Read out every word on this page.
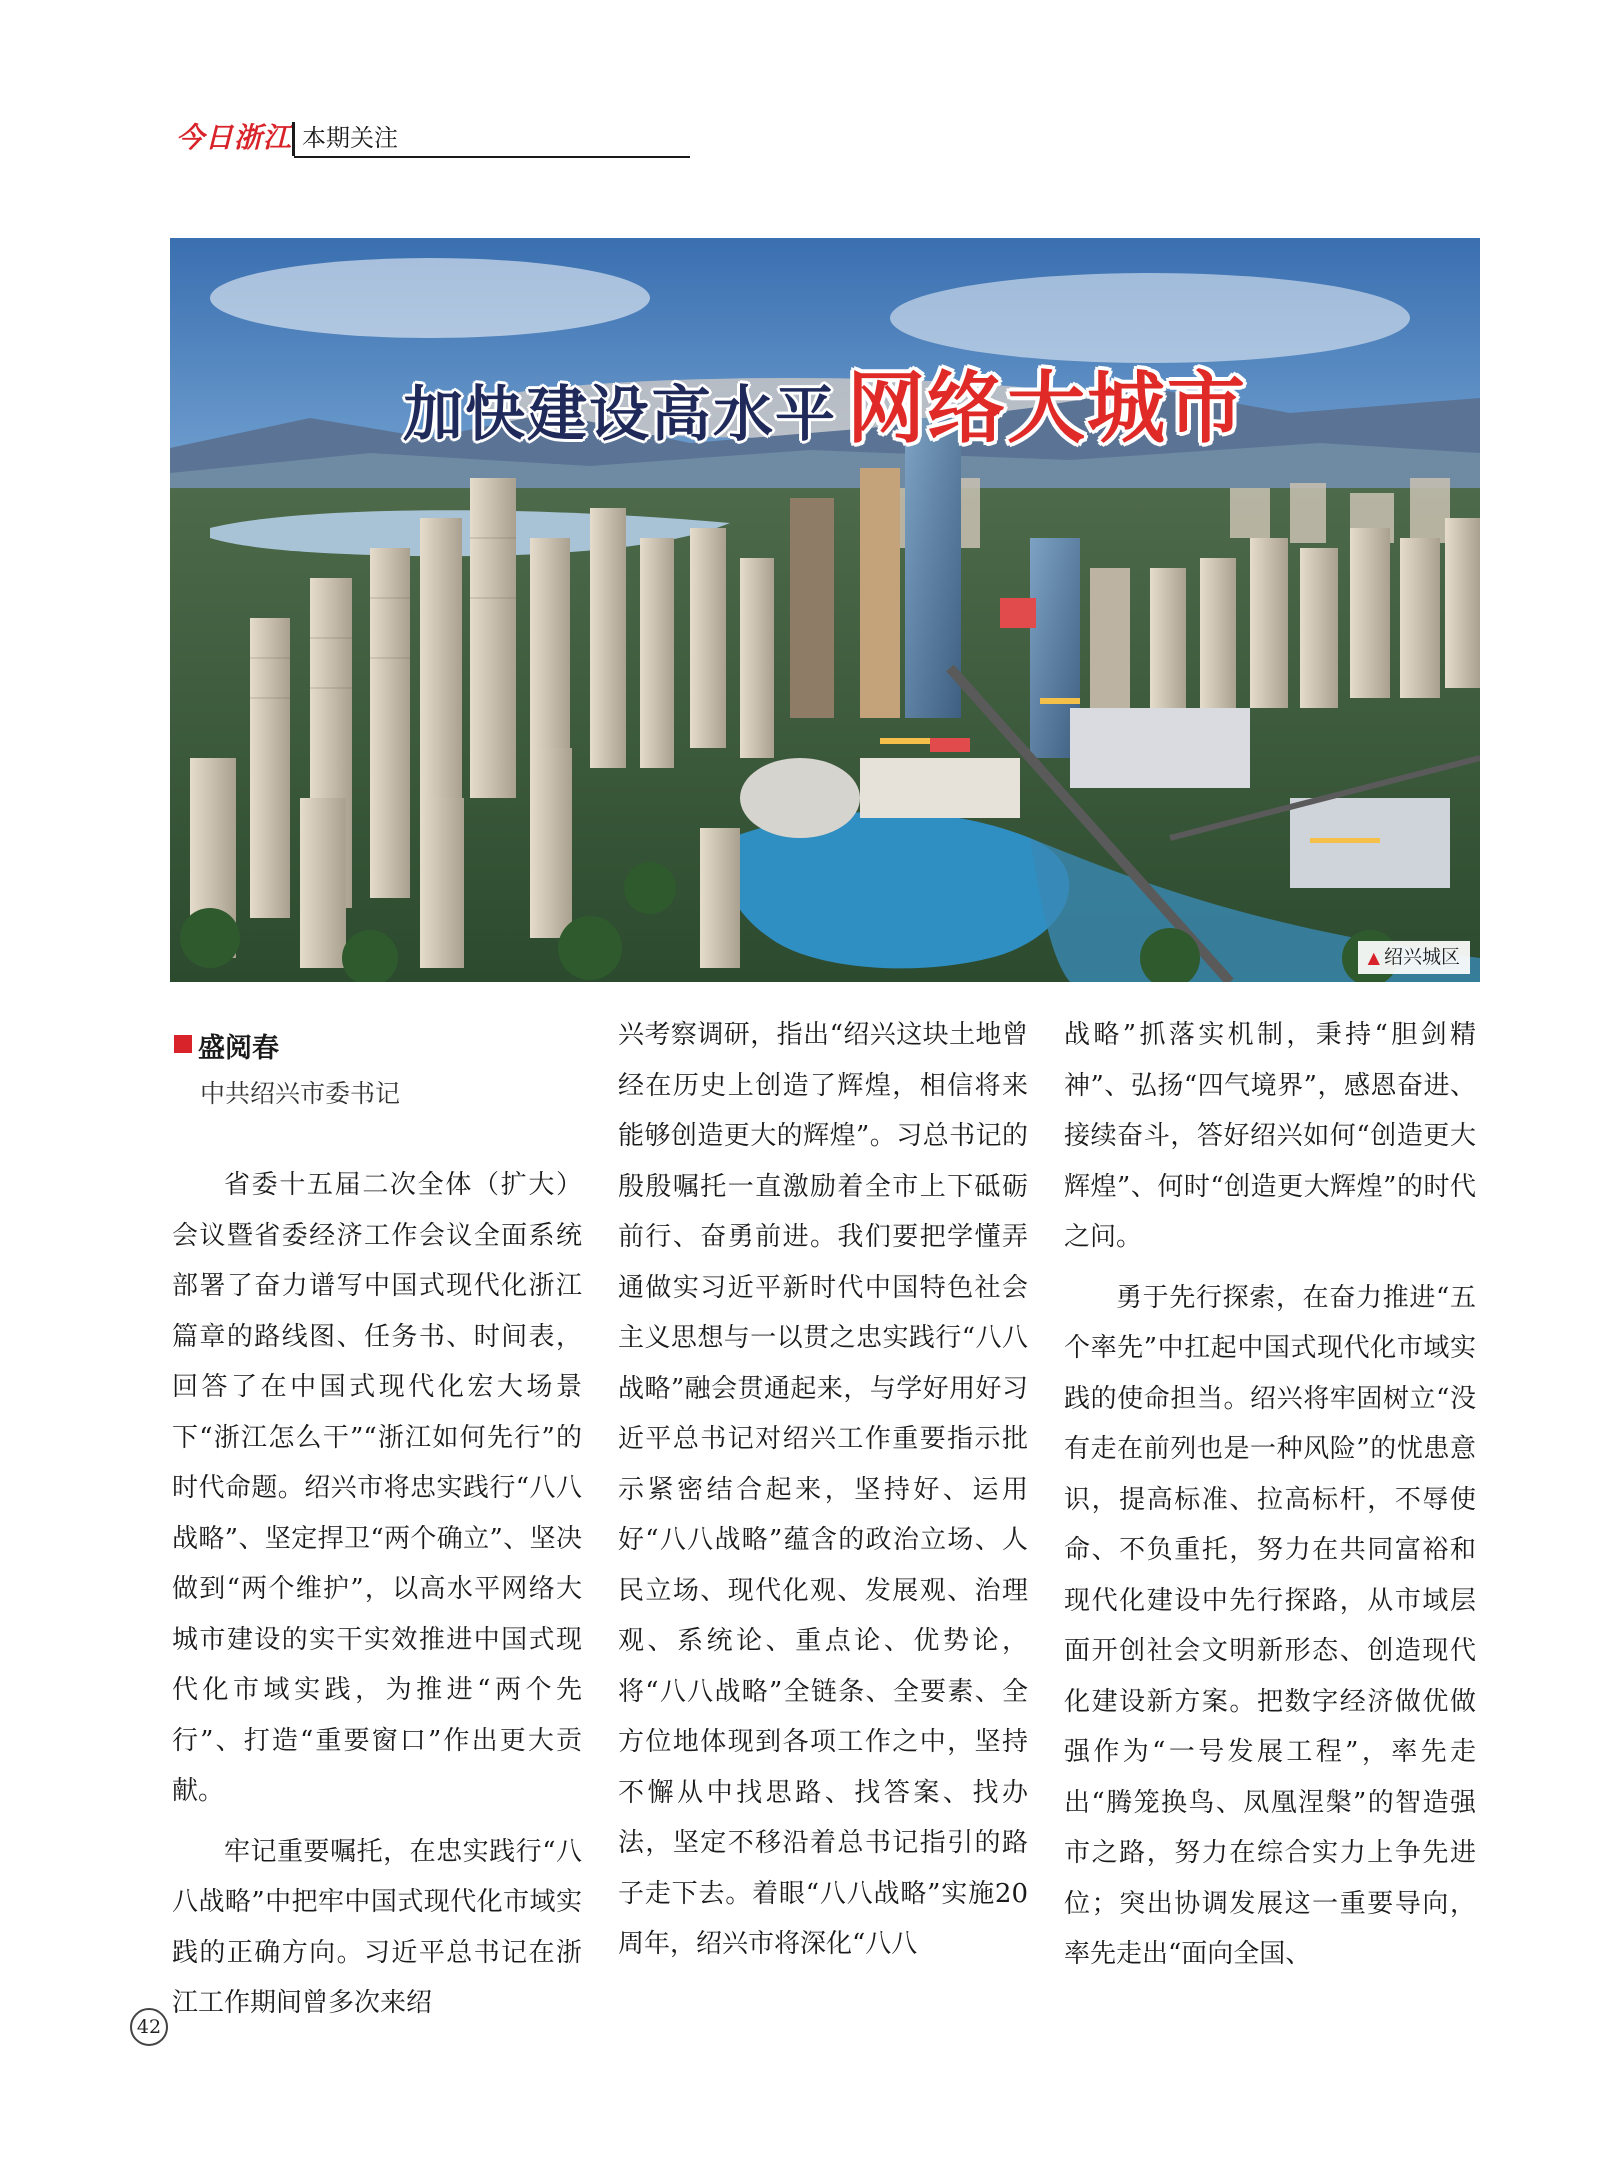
今日浙江 本期关注
加快建设高水平 网络大城市
▲ 绍兴城区
盛阅春
中共绍兴市委书记

省委十五届二次全体（扩大）会议暨省委经济工作会议全面系统部署了奋力谱写中国式现代化浙江篇章的路线图、任务书、时间表，回答了在中国式现代化宏大场景下“浙江怎么干”“浙江如何先行”的时代命题。绍兴市将忠实践行“八八战略”、坚定捍卫“两个确立”、坚决做到“两个维护”，以高水平网络大城市建设的实干实效推进中国式现代化市域实践，为推进“两个先行”、打造“重要窗口”作出更大贡献。

牢记重要嘱托，在忠实践行“八八战略”中把牢中国式现代化市域实践的正确方向。习近平总书记在浙江工作期间曾多次来绍

兴考察调研，指出“绍兴这块土地曾经在历史上创造了辉煌，相信将来能够创造更大的辉煌”。习总书记的殷殷嘱托一直激励着全市上下砥砺前行、奋勇前进。我们要把学懂弄通做实习近平新时代中国特色社会主义思想与一以贯之忠实践行“八八战略”融会贯通起来，与学好用好习近平总书记对绍兴工作重要指示批示紧密结合起来，坚持好、运用好“八八战略”蕴含的政治立场、人民立场、现代化观、发展观、治理观、系统论、重点论、优势论，将“八八战略”全链条、全要素、全方位地体现到各项工作之中，坚持不懈从中找思路、找答案、找办法，坚定不移沿着总书记指引的路子走下去。着眼“八八战略”实施20周年，绍兴市将深化“八八

战略”抓落实机制，秉持“胆剑精神”、弘扬“四气境界”，感恩奋进、接续奋斗，答好绍兴如何“创造更大辉煌”、何时“创造更大辉煌”的时代之问。

勇于先行探索，在奋力推进“五个率先”中扛起中国式现代化市域实践的使命担当。绍兴将牢固树立“没有走在前列也是一种风险”的忧患意识，提高标准、拉高标杆，不辱使命、不负重托，努力在共同富裕和现代化建设中先行探路，从市域层面开创社会文明新形态、创造现代化建设新方案。把数字经济做优做强作为“一号发展工程”，率先走出“腾笼换鸟、凤凰涅槃”的智造强市之路，努力在综合实力上争先进位；突出协调发展这一重要导向，率先走出“面向全国、

42
